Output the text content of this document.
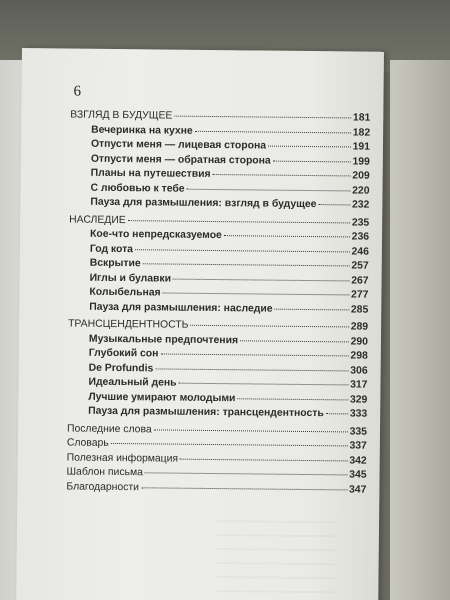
6
ВЗГЛЯД В БУДУЩЕЕ	181
Вечеринка на кухне	182
Отпусти меня — лицевая сторона	191
Отпусти меня — обратная сторона	199
Планы на путешествия	209
С любовью к тебе	220
Пауза для размышления: взгляд в будущее	232
НАСЛЕДИЕ	235
Кое-что непредсказуемое	236
Год кота	246
Вскрытие	257
Иглы и булавки	267
Колыбельная	277
Пауза для размышления: наследие	285
ТРАНСЦЕНДЕНТНОСТЬ	289
Музыкальные предпочтения	290
Глубокий сон	298
De Profundis	306
Идеальный день	317
Лучшие умирают молодыми	329
Пауза для размышления: трансцендентность 333
Последние слова	335
Словарь	337
Полезная информация	342
Шаблон письма	345
Благодарности	347
